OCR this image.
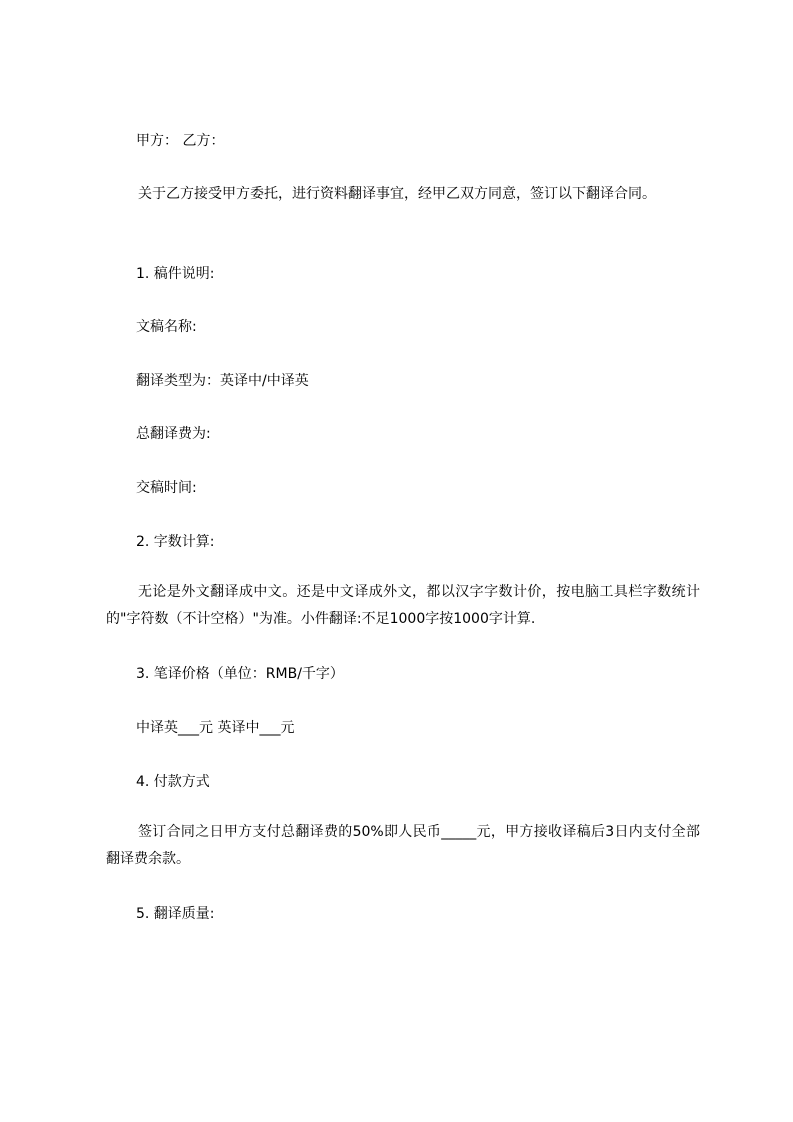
甲方： 乙方：
关于乙方接受甲方委托，进行资料翻译事宜，经甲乙双方同意，签订以下翻译合同。
1. 稿件说明:
文稿名称:
翻译类型为：英译中/中译英
总翻译费为:
交稿时间:
2. 字数计算:
无论是外文翻译成中文。还是中文译成外文，都以汉字字数计价，按电脑工具栏字数统计的"字符数（不计空格）"为准。小件翻译:不足1000字按1000字计算.
3. 笔译价格（单位：RMB/千字）
中译英___元 英译中___元
4. 付款方式
签订合同之日甲方支付总翻译费的50%即人民币_____元，甲方接收译稿后3日内支付全部翻译费余款。
5. 翻译质量:
